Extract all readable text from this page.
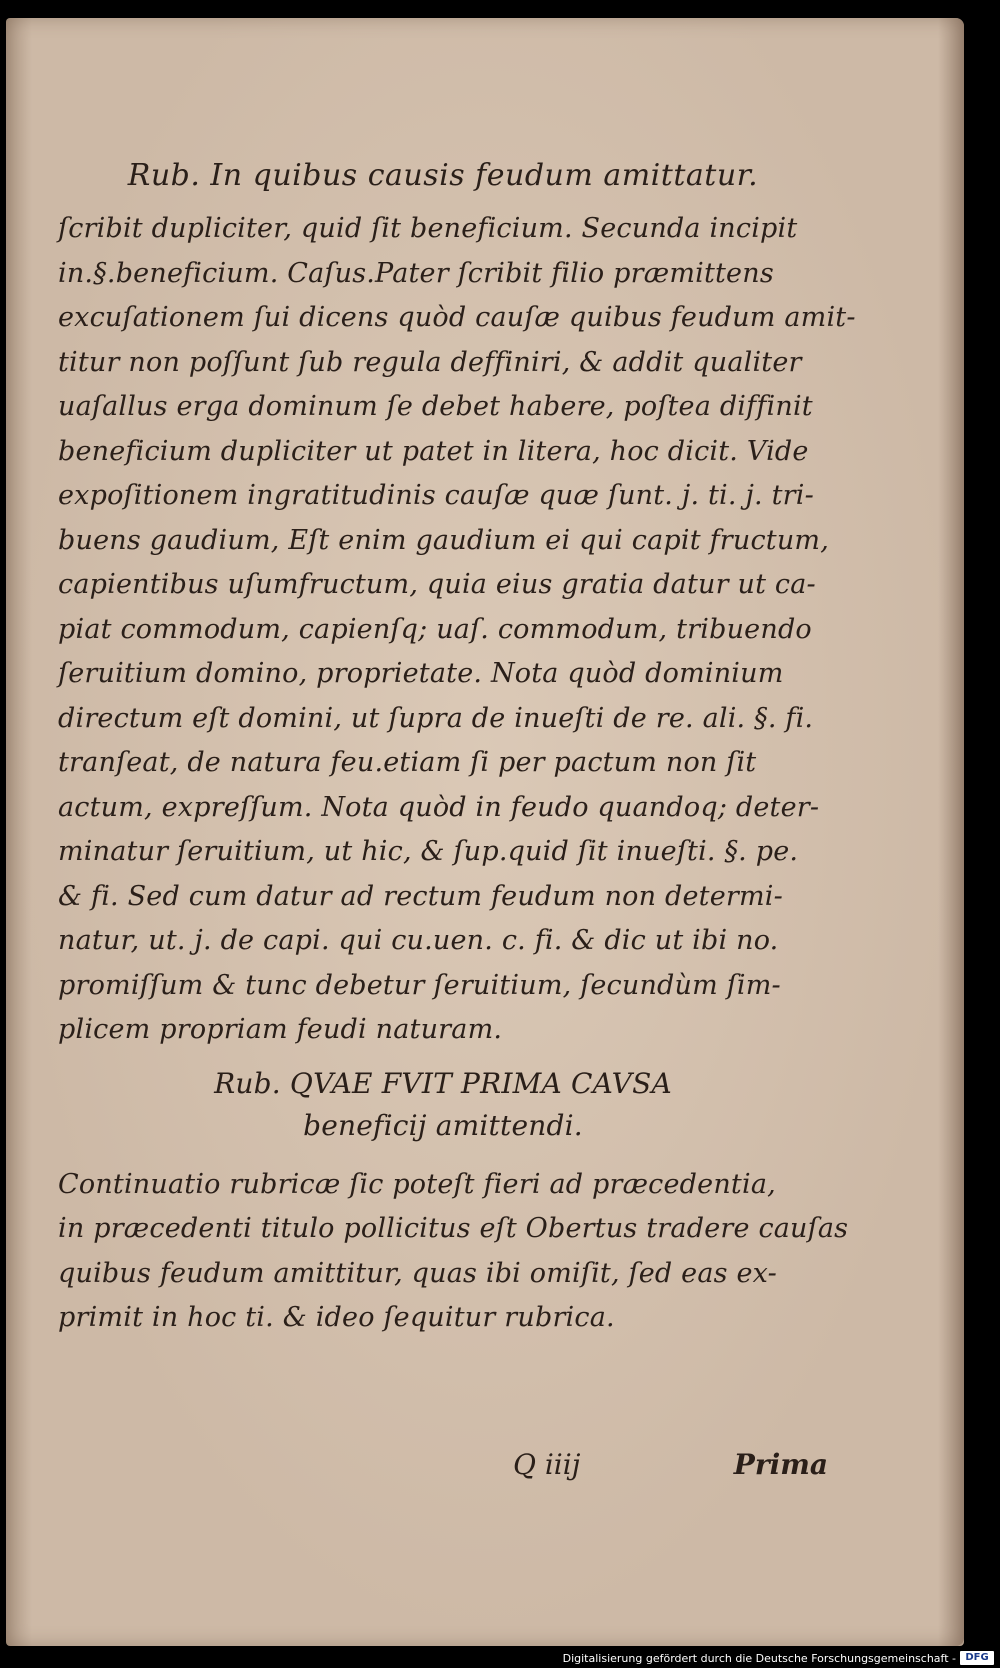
Rub. In quibus causis feudum amittatur.
ſcribit dupliciter, quid ſit beneficium. Secunda incipit
in.§.beneficium. Caſus.Pater ſcribit filio præmittens
excuſationem ſui dicens quòd cauſæ quibus feudum amit-
titur non poſſunt ſub regula deffiniri, & addit qualiter
uaſallus erga dominum ſe debet habere, poſtea diffinit
beneficium dupliciter ut patet in litera, hoc dicit. Vide
expoſitionem ingratitudinis cauſæ quæ ſunt. j. ti. j. tri-
buens gaudium, Eſt enim gaudium ei qui capit fructum,
capientibus uſumfructum, quia eius gratia datur ut ca-
piat commodum, capienſq; uaſ. commodum, tribuendo
ſeruitium domino, proprietate. Nota quòd dominium
directum eſt domini, ut ſupra de inueſti de re. ali. §. fi.
tranſeat, de natura feu.etiam ſi per pactum non ſit
actum, expreſſum. Nota quòd in feudo quandoq; deter-
minatur ſeruitium, ut hic, & ſup.quid ſit inueſti. §. pe.
& fi. Sed cum datur ad rectum feudum non determi-
natur, ut. j. de capi. qui cu.uen. c. fi. & dic ut ibi no.
promiſſum & tunc debetur ſeruitium, ſecundùm ſim-
plicem propriam feudi naturam.
Rub. QVAE FVIT PRIMA CAVSA
beneficij amittendi.
Continuatio rubricæ ſic poteſt fieri ad præcedentia,
in præcedenti titulo pollicitus eſt Obertus tradere cauſas
quibus feudum amittitur, quas ibi omiſit, ſed eas ex-
primit in hoc ti. & ideo ſequitur rubrica.
Q iiij	Prima
Digitalisierung gefördert durch die Deutsche Forschungsgemeinschaft - DFG
